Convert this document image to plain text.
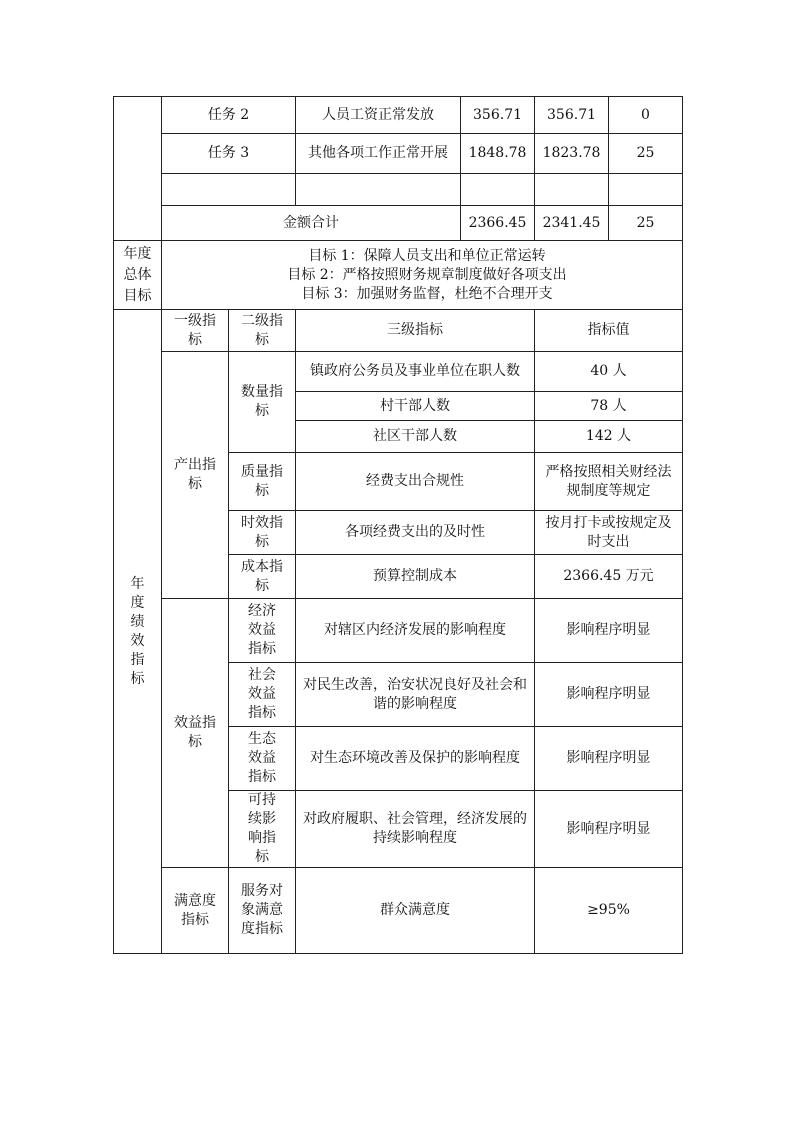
	任务 2		人员工资正常发放	356.71	356.71	0
	任务 3		其他各项工作正常开展	1848.78	1823.78	25

	金额合计			2366.45	2341.45	25
年度总体目标	目标 1：保障人员支出和单位正常运转
目标 2：严格按照财务规章制度做好各项支出
目标 3：加强财务监督，杜绝不合理开支					

年度绩效指标	一级指标	二级指标	三级指标		指标值	
	产出指标	数量指标	镇政府公务员及事业单位在职人数		40 人	
			村干部人数		78 人	
			社区干部人数		142 人	
		质量指标	经费支出合规性		严格按照相关财经法规制度等规定	
		时效指标	各项经费支出的及时性		按月打卡或按规定及时支出	
		成本指标	预算控制成本		2366.45 万元	
	效益指标	经济效益指标	对辖区内经济发展的影响程度		影响程序明显	
		社会效益指标	对民生改善，治安状况良好及社会和谐的影响程度		影响程序明显	
		生态效益指标	对生态环境改善及保护的影响程度		影响程序明显	
		可持续影响指标	对政府履职、社会管理，经济发展的持续影响程度		影响程序明显	
	满意度指标	服务对象满意度指标	群众满意度		≥95%	
